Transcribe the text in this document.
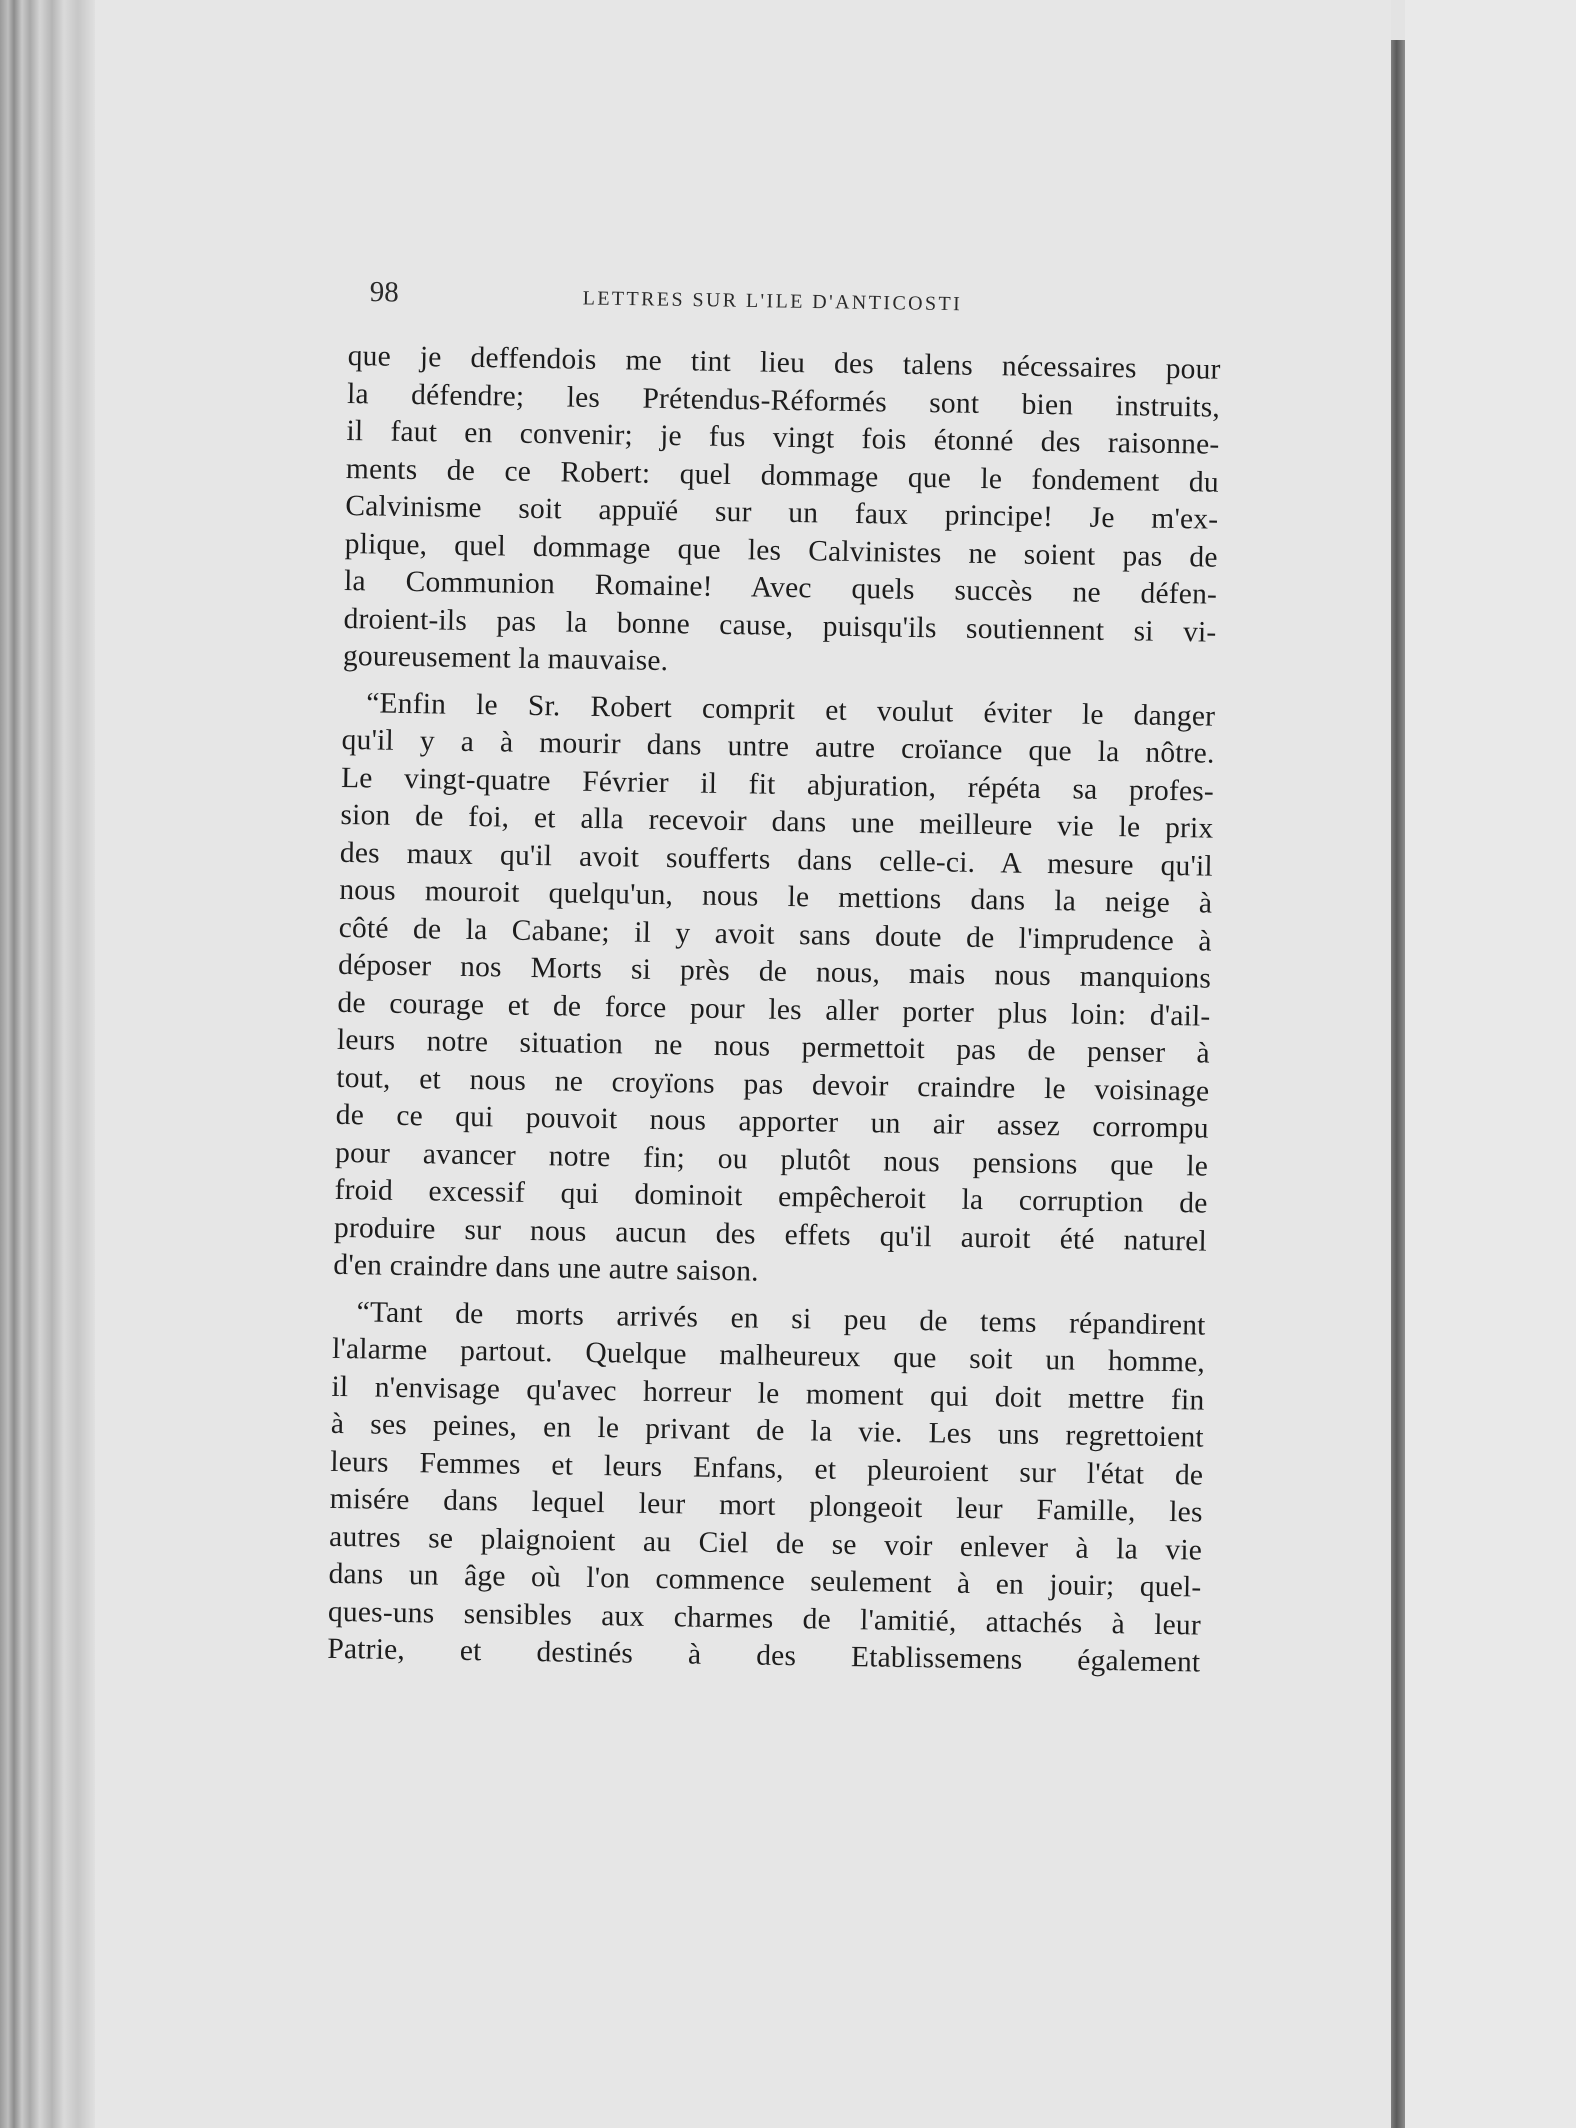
98	LETTRES SUR L'ILE D'ANTICOSTI
que je deffendois me tint lieu des talens nécessaires pour
la défendre; les Prétendus-Réformés sont bien instruits,
il faut en convenir; je fus vingt fois étonné des raisonne-
ments de ce Robert: quel dommage que le fondement du
Calvinisme soit appuïé sur un faux principe! Je m'ex-
plique, quel dommage que les Calvinistes ne soient pas de
la Communion Romaine! Avec quels succès ne défen-
droient-ils pas la bonne cause, puisqu'ils soutiennent si vi-
goureusement la mauvaise.
“Enfin le Sr. Robert comprit et voulut éviter le danger
qu'il y a à mourir dans untre autre croïance que la nôtre.
Le vingt-quatre Février il fit abjuration, répéta sa profes-
sion de foi, et alla recevoir dans une meilleure vie le prix
des maux qu'il avoit soufferts dans celle-ci. A mesure qu'il
nous mouroit quelqu'un, nous le mettions dans la neige à
côté de la Cabane; il y avoit sans doute de l'imprudence à
déposer nos Morts si près de nous, mais nous manquions
de courage et de force pour les aller porter plus loin: d'ail-
leurs notre situation ne nous permettoit pas de penser à
tout, et nous ne croyïons pas devoir craindre le voisinage
de ce qui pouvoit nous apporter un air assez corrompu
pour avancer notre fin; ou plutôt nous pensions que le
froid excessif qui dominoit empêcheroit la corruption de
produire sur nous aucun des effets qu'il auroit été naturel
d'en craindre dans une autre saison.
“Tant de morts arrivés en si peu de tems répandirent
l'alarme partout. Quelque malheureux que soit un homme,
il n'envisage qu'avec horreur le moment qui doit mettre fin
à ses peines, en le privant de la vie. Les uns regrettoient
leurs Femmes et leurs Enfans, et pleuroient sur l'état de
misére dans lequel leur mort plongeoit leur Famille, les
autres se plaignoient au Ciel de se voir enlever à la vie
dans un âge où l'on commence seulement à en jouir; quel-
ques-uns sensibles aux charmes de l'amitié, attachés à leur
Patrie, et destinés à des Etablissemens également
